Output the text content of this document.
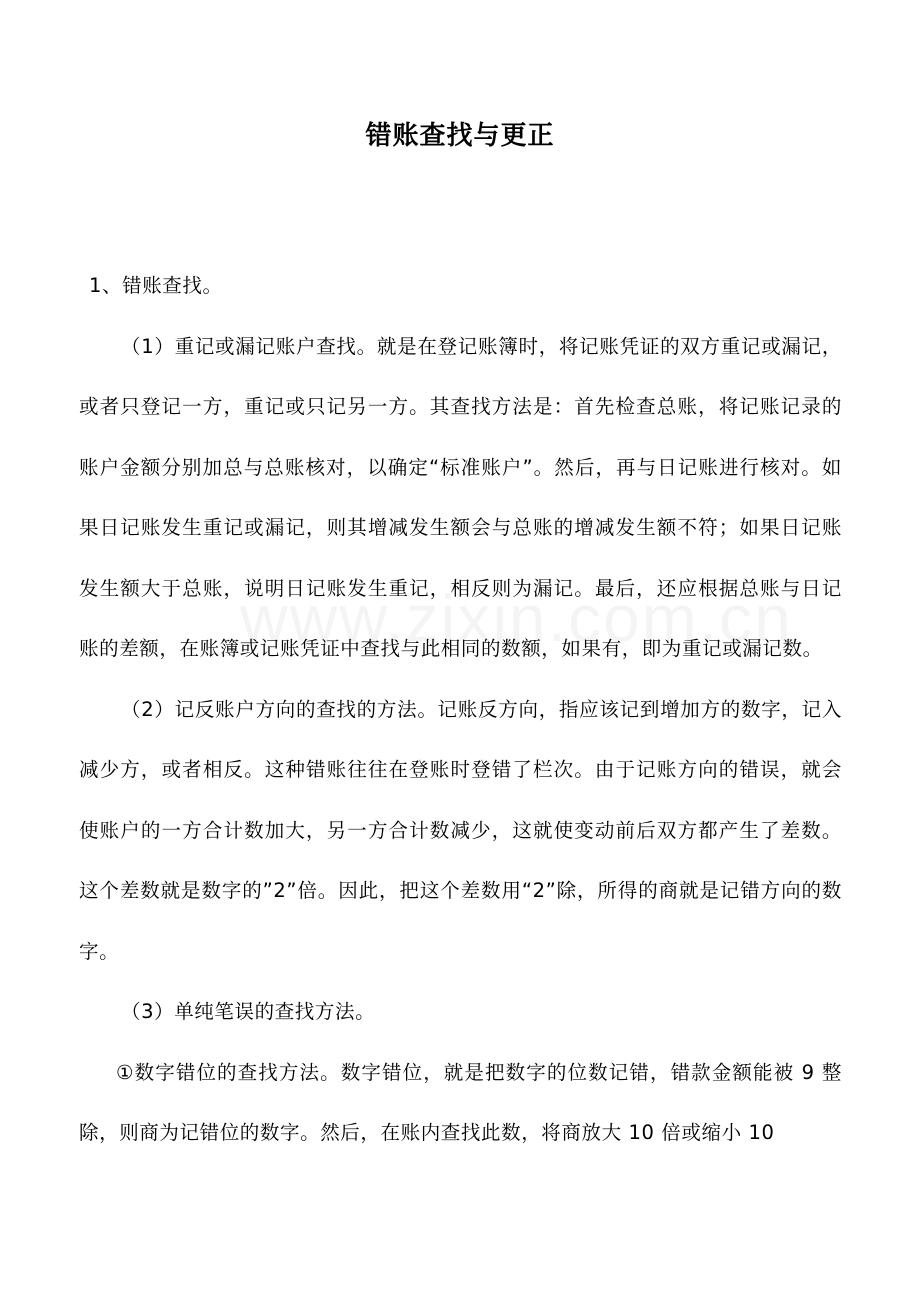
错账查找与更正

1、错账查找。

（1）重记或漏记账户查找。就是在登记账簿时，将记账凭证的双方重记或漏记，或者只登记一方，重记或只记另一方。其查找方法是：首先检查总账，将记账记录的账户金额分别加总与总账核对，以确定“标准账户”。然后，再与日记账进行核对。如果日记账发生重记或漏记，则其增减发生额会与总账的增减发生额不符；如果日记账发生额大于总账，说明日记账发生重记，相反则为漏记。最后，还应根据总账与日记账的差额，在账簿或记账凭证中查找与此相同的数额，如果有，即为重记或漏记数。

（2）记反账户方向的查找的方法。记账反方向，指应该记到增加方的数字，记入减少方，或者相反。这种错账往往在登账时登错了栏次。由于记账方向的错误，就会使账户的一方合计数加大，另一方合计数减少，这就使变动前后双方都产生了差数。这个差数就是数字的”2”倍。因此，把这个差数用“2”除，所得的商就是记错方向的数字。

（3）单纯笔误的查找方法。

①数字错位的查找方法。数字错位，就是把数字的位数记错，错款金额能被 9 整除，则商为记错位的数字。然后，在账内查找此数，将商放大 10 倍或缩小 10
